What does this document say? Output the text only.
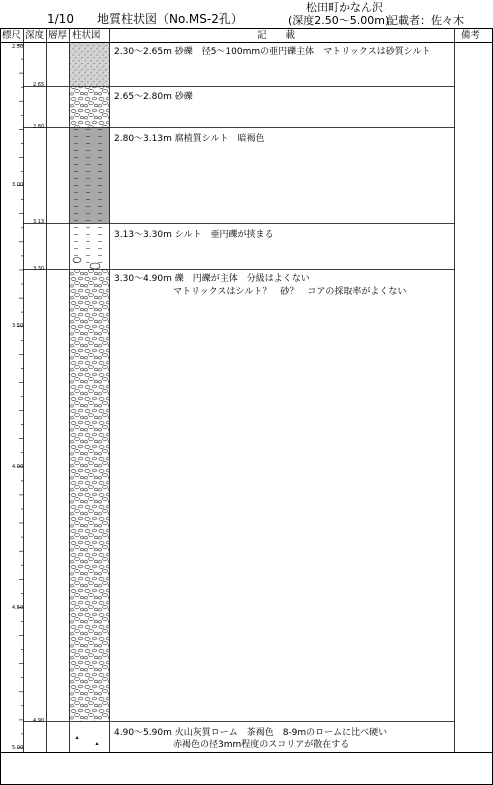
1/10 地質柱状図（No.MS-2孔）
松田町かなん沢
(深度2.50～5.00m)
記載者：佐々木
標尺 深度 層厚 柱状図	記　　載	備考
2.50
3.00
3.50
4.00
4.50
5.00
2.65
2.80
3.13
3.30
4.90
2.30～2.65m 砂礫　径5～100mmの亜円礫主体　マトリックスは砂質シルト
2.65～2.80m 砂礫
2.80～3.13m 腐植質シルト　暗褐色
3.13～3.30m シルト　亜円礫が挟まる
3.30～4.90m 礫　円礫が主体　分級はよくない
マトリックスはシルト？　砂？　コアの採取率がよくない
4.90～5.90m 火山灰質ローム　茶褐色　8-9mのロームに比べ硬い
赤褐色の径3mm程度のスコリアが散在する
